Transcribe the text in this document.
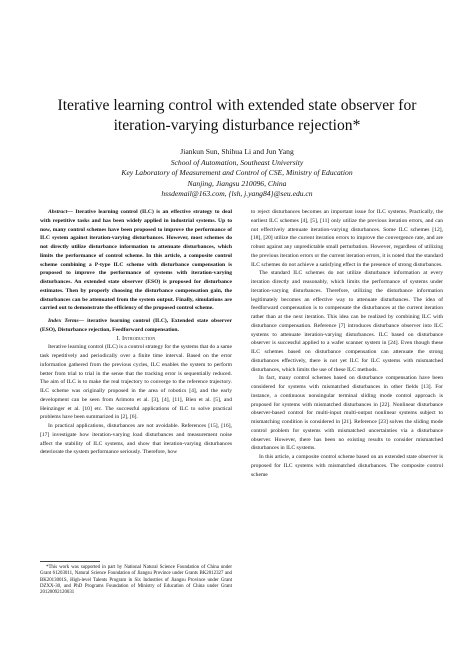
Iterative learning control with extended state observer for
iteration-varying disturbance rejection*
Jiankun Sun, Shihua Li and Jun Yang
School of Automation, Southeast University
Key Laboratory of Measurement and Control of CSE, Ministry of Education
Nanjing, Jiangsu 210096, China
hssdemail@163.com, {lsh, j.yang84}@seu.edu.cn

Abstract— Iterative learning control (ILC) is an effective strategy to deal with repetitive tasks and has been widely applied in industrial systems. Up to now, many control schemes have been proposed to improve the performance of ILC system against iteration-varying disturbances. However, most schemes do not directly utilize disturbance information to attenuate disturbances, which limits the performance of control scheme. In this article, a composite control scheme combining a P-type ILC scheme with disturbance compensation is proposed to improve the performance of systems with iteration-varying disturbances. An extended state observer (ESO) is proposed for disturbance estimates. Then by properly choosing the disturbance compensation gain, the disturbances can be attenuated from the system output. Finally, simulations are carried out to demonstrate the efficiency of the proposed control scheme.

Index Terms— iterative learning control (ILC), Extended state observer (ESO), Disturbance rejection, Feedforward compensation.

I. Introduction

Iterative learning control (ILC) is a control strategy for the systems that do a same task repetitively and periodically over a finite time interval. Based on the error information gathered from the previous cycles, ILC enables the system to perform better from trial to trial in the sense that the tracking error is sequentially reduced. The aim of ILC is to make the real trajectory to converge to the reference trajectory. ILC scheme was originally proposed in the area of robotics [4], and the early development can be seen from Arimoto et al. [3], [4], [11], Bien et al. [5], and Heinzinger et al. [10] etc. The successful applications of ILC to solve practical problems have been summarized in [2], [6].

In practical applications, disturbances are not avoidable. References [15], [16], [17] investigate how iteration-varying load disturbances and measurement noise affect the stability of ILC systems, and show that iteration-varying disturbances deteriorate the system performance seriously. Therefore, how

*This work was supported in part by National Natural Science Foundation of China under Grant 61203011, Natural Science Foundation of Jiangsu Province under Grants BK2012327 and BK2013001S, High-level Talents Program in Six Industries of Jiangsu Province under Grant DZXX-30, and PhD Programs Foundation of Ministry of Education of China under Grant 20120092120031

to reject disturbances becomes an important issue for ILC systems. Practically, the earliest ILC schemes [4], [5], [11] only utilize the previous iteration errors, and can not effectively attenuate iteration-varying disturbances. Some ILC schemes [12], [18], [20] utilize the current iteration errors to improve the convergence rate, and are robust against any unpredictable small perturbation. However, regardless of utilizing the previous iteration errors or the current iteration errors, it is noted that the standard ILC schemes do not achieve a satisfying effect in the presence of strong disturbances.

The standard ILC schemes do not utilize disturbance information at every iteration directly and reasonably, which limits the performance of systems under iteration-varying disturbances. Therefore, utilizing the disturbance information legitimately becomes an effective way to attenuate disturbances. The idea of feedforward compensation is to compensate the disturbances at the current iteration rather than at the next iteration. This idea can be realized by combining ILC with disturbance compensation. Reference [7] introduces disturbance observer into ILC systems to attenuate iteration-varying disturbances. ILC based on disturbance observer is successful applied to a wafer scanner system in [24]. Even though these ILC schemes based on disturbance compensation can attenuate the strong disturbances effectively, there is not yet ILC for ILC systems with mismatched disturbances, which limits the use of these ILC methods.

In fact, many control schemes based on disturbance compensation have been considered for systems with mismatched disturbances in other fields [13]. For instance, a continuous nonsingular terminal sliding mode control approach is proposed for systems with mismatched disturbances in [22]. Nonlinear disturbance observer-based control for multi-input multi-output nonlinear systems subject to mismatching condition is considered in [21]. Reference [23] solves the sliding mode control problem for systems with mismatched uncertainties via a disturbance observer. However, there has been no existing results to consider mismatched disturbances in ILC systems.

In this article, a composite control scheme based on an extended state observer is proposed for ILC systems with mismatched disturbances. The composite control scheme
